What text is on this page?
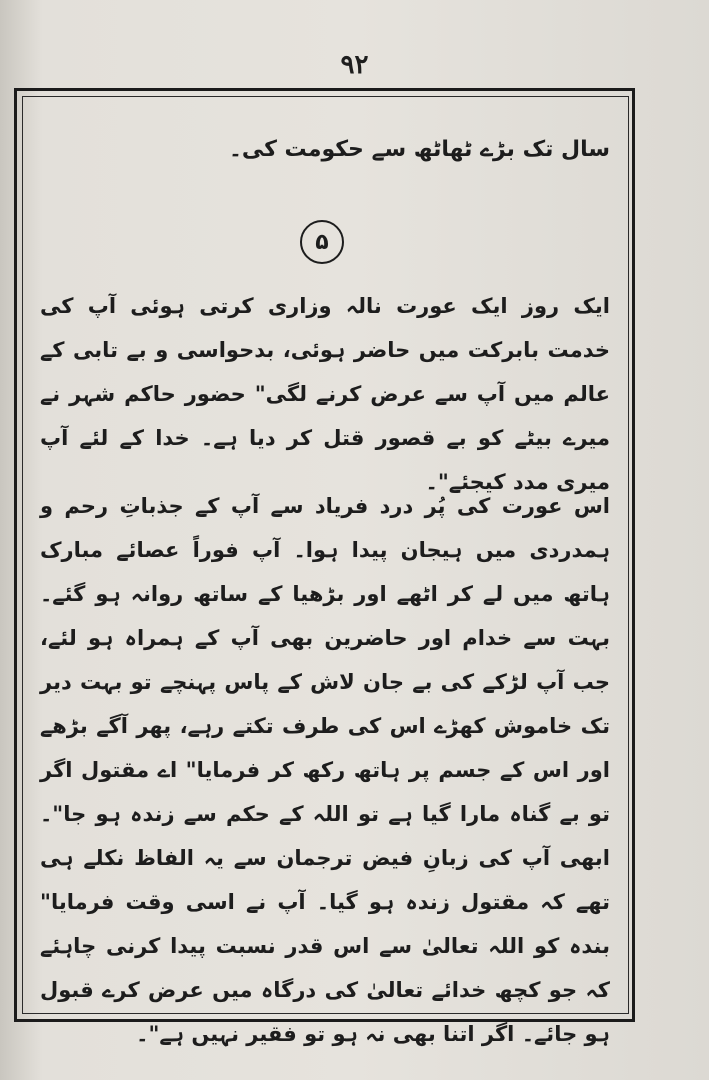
٩٢
سال تک بڑے ٹھاٹھ سے حکومت کی۔
۵
ایک روز ایک عورت نالہ وزاری کرتی ہوئی آپ کی خدمت بابرکت میں حاضر ہوئی، بدحواسی و بے تابی کے عالم میں آپ سے عرض کرنے لگی" حضور حاکم شہر نے میرے بیٹے کو بے قصور قتل کر دیا ہے۔ خدا کے لئے آپ میری مدد کیجئے"۔
اس عورت کی پُر درد فریاد سے آپ کے جذباتِ رحم و ہمدردی میں ہیجان پیدا ہوا۔ آپ فوراً عصائے مبارک ہاتھ میں لے کر اٹھے اور بڑھیا کے ساتھ روانہ ہو گئے۔ بہت سے خدام اور حاضرین بھی آپ کے ہمراہ ہو لئے، جب آپ لڑکے کی بے جان لاش کے پاس پہنچے تو بہت دیر تک خاموش کھڑے اس کی طرف تکتے رہے، پھر آگے بڑھے اور اس کے جسم پر ہاتھ رکھ کر فرمایا" اے مقتول اگر تو بے گناہ مارا گیا ہے تو اللہ کے حکم سے زندہ ہو جا"۔ ابھی آپ کی زبانِ فیض ترجمان سے یہ الفاظ نکلے ہی تھے کہ مقتول زندہ ہو گیا۔ آپ نے اسی وقت فرمایا" بندہ کو اللہ تعالیٰ سے اس قدر نسبت پیدا کرنی چاہئے کہ جو کچھ خدائے تعالیٰ کی درگاہ میں عرض کرے قبول ہو جائے۔ اگر اتنا بھی نہ ہو تو فقیر نہیں ہے"۔
